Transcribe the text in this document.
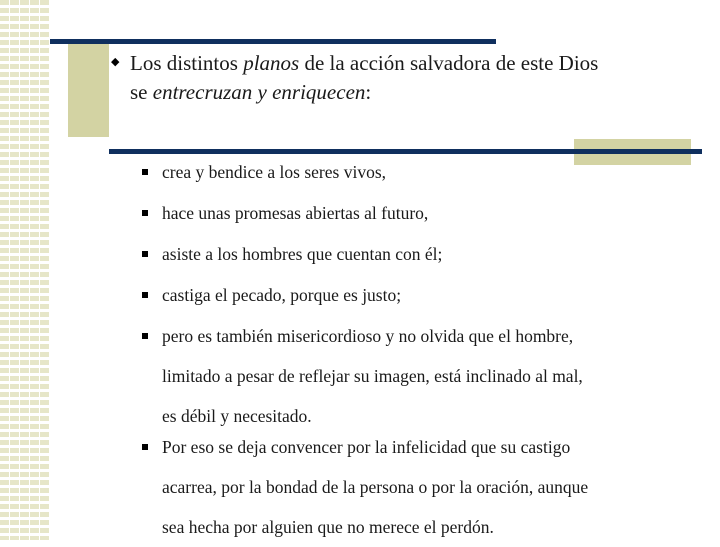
◆ Los distintos planos de la acción salvadora de este Dios
se entrecruzan y enriquecen:
crea y bendice a los seres vivos,
hace unas promesas abiertas al futuro,
asiste a los hombres que cuentan con él;
castiga el pecado, porque es justo;
pero es también misericordioso y no olvida que el hombre,
limitado a pesar de reflejar su imagen, está inclinado al mal,
es débil y necesitado.
Por eso se deja convencer por la infelicidad que su castigo
acarrea, por la bondad de la persona o por la oración, aunque
sea hecha por alguien que no merece el perdón.
